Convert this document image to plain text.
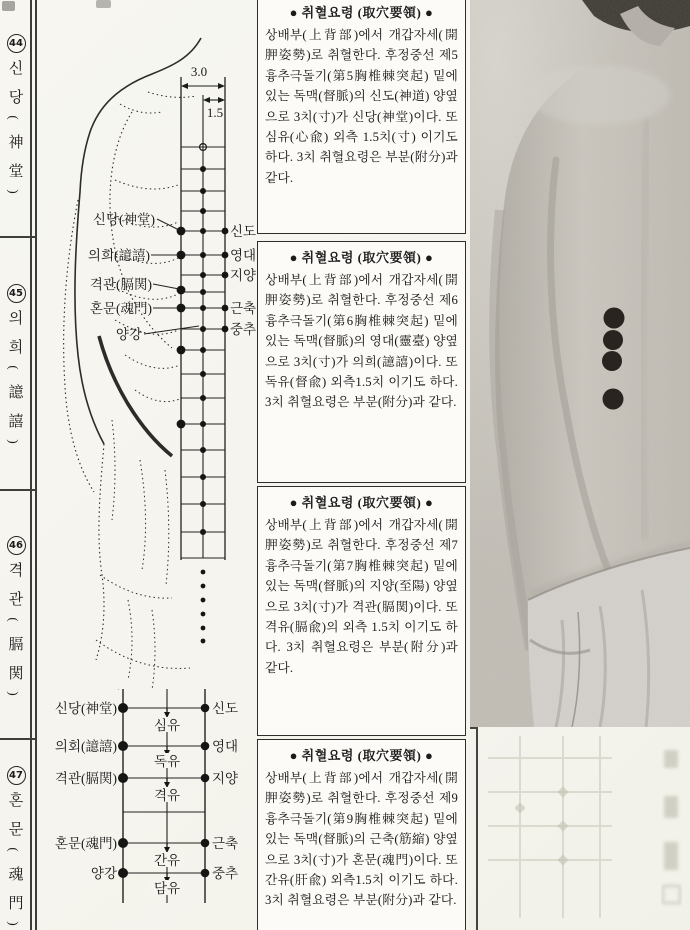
44
신
당
(
神
堂
)
45
의
희
(
譩
譆
)
46
격
관
(
膈
関
)
47
혼
문
(
魂
門
)
3.0
1.5
신당(神堂)
의희(譩譆)
격관(膈関)
혼문(魂門)
양강
신도
영대
지양
근축
중추
신당(神堂)
심유
신도
의회(譩譆)
독유
영대
격관(膈関)
격유
지양
혼문(魂門)
간유
근축
양강
담유
중추
● 취혈요령 (取穴要領) ●
상배부(上背部)에서 개갑자세(開胛姿勢)로 취혈한다. 후정중선 제5흉추극돌기(第5胸椎棘突起) 밑에 있는 독맥(督脈)의 신도(神道) 양옆으로 3치(寸)가 신당(神堂)이다. 또 심유(心兪) 외측 1.5치(寸) 이기도 하다. 3치 취혈요령은 부분(附分)과 같다.
● 취혈요령 (取穴要領) ●
상배부(上背部)에서 개갑자세(開胛姿勢)로 취혈한다. 후정중선 제6흉추극돌기(第6胸椎棘突起) 밑에 있는 독맥(督脈)의 영대(靈臺) 양옆으로 3치(寸)가 의희(譩譆)이다. 또 독유(督兪) 외측1.5치 이기도 하다. 3치 취혈요령은 부분(附分)과 같다.
● 취혈요령 (取穴要領) ●
상배부(上背部)에서 개갑자세(開胛姿勢)로 취혈한다. 후정중선 제7흉추극돌기(第7胸椎棘突起) 밑에 있는 독맥(督脈)의 지양(至陽) 양옆으로 3치(寸)가 격관(膈関)이다. 또 격유(膈兪)의 외측 1.5치 이기도 하다. 3치 취혈요령은 부분(附分)과 같다.
● 취혈요령 (取穴要領) ●
상배부(上背部)에서 개갑자세(開胛姿勢)로 취혈한다. 후정중선 제9흉추극돌기(第9胸椎棘突起) 밑에 있는 독맥(督脈)의 근축(筋縮) 양옆으로 3치(寸)가 혼문(魂門)이다. 또 간유(肝兪) 외측1.5치 이기도 하다. 3치 취혈요령은 부분(附分)과 같다.
